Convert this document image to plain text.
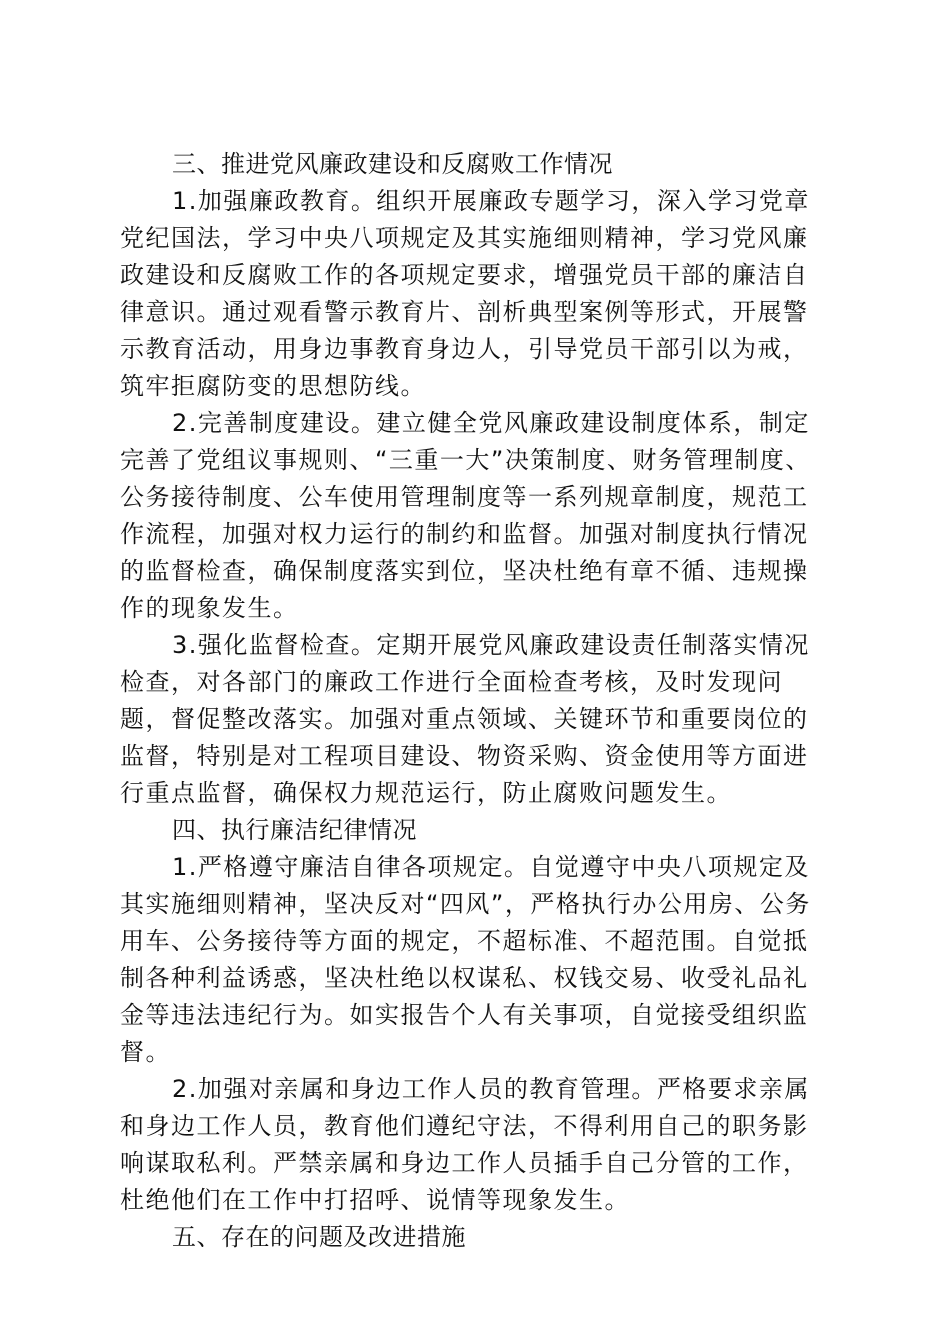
三、推进党风廉政建设和反腐败工作情况

1.加强廉政教育。组织开展廉政专题学习，深入学习党章党纪国法，学习中央八项规定及其实施细则精神，学习党风廉政建设和反腐败工作的各项规定要求，增强党员干部的廉洁自律意识。通过观看警示教育片、剖析典型案例等形式，开展警示教育活动，用身边事教育身边人，引导党员干部引以为戒，筑牢拒腐防变的思想防线。

2.完善制度建设。建立健全党风廉政建设制度体系，制定完善了党组议事规则、“三重一大”决策制度、财务管理制度、公务接待制度、公车使用管理制度等一系列规章制度，规范工作流程，加强对权力运行的制约和监督。加强对制度执行情况的监督检查，确保制度落实到位，坚决杜绝有章不循、违规操作的现象发生。

3.强化监督检查。定期开展党风廉政建设责任制落实情况检查，对各部门的廉政工作进行全面检查考核，及时发现问题，督促整改落实。加强对重点领域、关键环节和重要岗位的监督，特别是对工程项目建设、物资采购、资金使用等方面进行重点监督，确保权力规范运行，防止腐败问题发生。

四、执行廉洁纪律情况

1.严格遵守廉洁自律各项规定。自觉遵守中央八项规定及其实施细则精神，坚决反对“四风”，严格执行办公用房、公务用车、公务接待等方面的规定，不超标准、不超范围。自觉抵制各种利益诱惑，坚决杜绝以权谋私、权钱交易、收受礼品礼金等违法违纪行为。如实报告个人有关事项，自觉接受组织监督。

2.加强对亲属和身边工作人员的教育管理。严格要求亲属和身边工作人员，教育他们遵纪守法，不得利用自己的职务影响谋取私利。严禁亲属和身边工作人员插手自己分管的工作，杜绝他们在工作中打招呼、说情等现象发生。

五、存在的问题及改进措施
